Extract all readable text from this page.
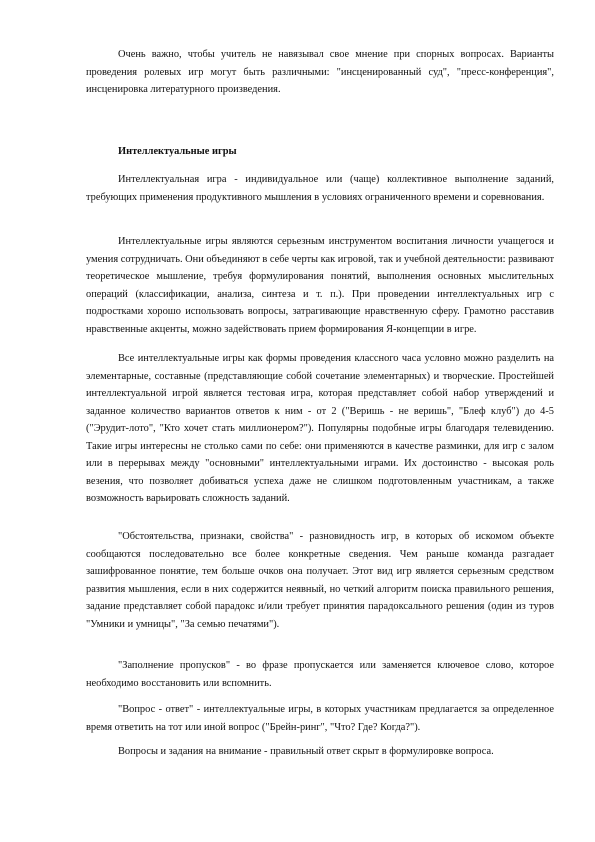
Очень важно, чтобы учитель не навязывал свое мнение при спорных вопросах. Варианты проведения ролевых игр могут быть различными: "инсценированный суд", "пресс-конференция", инсценировка литературного произведения.

Интеллектуальные игры

Интеллектуальная игра - индивидуальное или (чаще) коллективное выполнение заданий, требующих применения продуктивного мышления в условиях ограниченного времени и соревнования.

Интеллектуальные игры являются серьезным инструментом воспитания личности учащегося и умения сотрудничать. Они объединяют в себе черты как игровой, так и учебной деятельности: развивают теоретическое мышление, требуя формулирования понятий, выполнения основных мыслительных операций (классификации, анализа, синтеза и т. п.). При проведении интеллектуальных игр с подростками хорошо использовать вопросы, затрагивающие нравственную сферу. Грамотно расставив нравственные акценты, можно задействовать прием формирования Я-концепции в игре.

Все интеллектуальные игры как формы проведения классного часа условно можно разделить на элементарные, составные (представляющие собой сочетание элементарных) и творческие. Простейшей интеллектуальной игрой является тестовая игра, которая представляет собой набор утверждений и заданное количество вариантов ответов к ним - от 2 ("Веришь - не веришь", "Блеф клуб") до 4-5 ("Эрудит-лото", "Кто хочет стать миллионером?"). Популярны подобные игры благодаря телевидению. Такие игры интересны не столько сами по себе: они применяются в качестве разминки, для игр с залом или в перерывах между "основными" интеллектуальными играми. Их достоинство - высокая роль везения, что позволяет добиваться успеха даже не слишком подготовленным участникам, а также возможность варьировать сложность заданий.

"Обстоятельства, признаки, свойства" - разновидность игр, в которых об искомом объекте сообщаются последовательно все более конкретные сведения. Чем раньше команда разгадает зашифрованное понятие, тем больше очков она получает. Этот вид игр является серьезным средством развития мышления, если в них содержится неявный, но четкий алгоритм поиска правильного решения, задание представляет собой парадокс и/или требует принятия парадоксального решения (один из туров "Умники и умницы", "За семью печатями").

"Заполнение пропусков" - во фразе пропускается или заменяется ключевое слово, которое необходимо восстановить или вспомнить.

"Вопрос - ответ" - интеллектуальные игры, в которых участникам предлагается за определенное время ответить на тот или иной вопрос ("Брейн-ринг", "Что? Где? Когда?").

Вопросы и задания на внимание - правильный ответ скрыт в формулировке вопроса.
